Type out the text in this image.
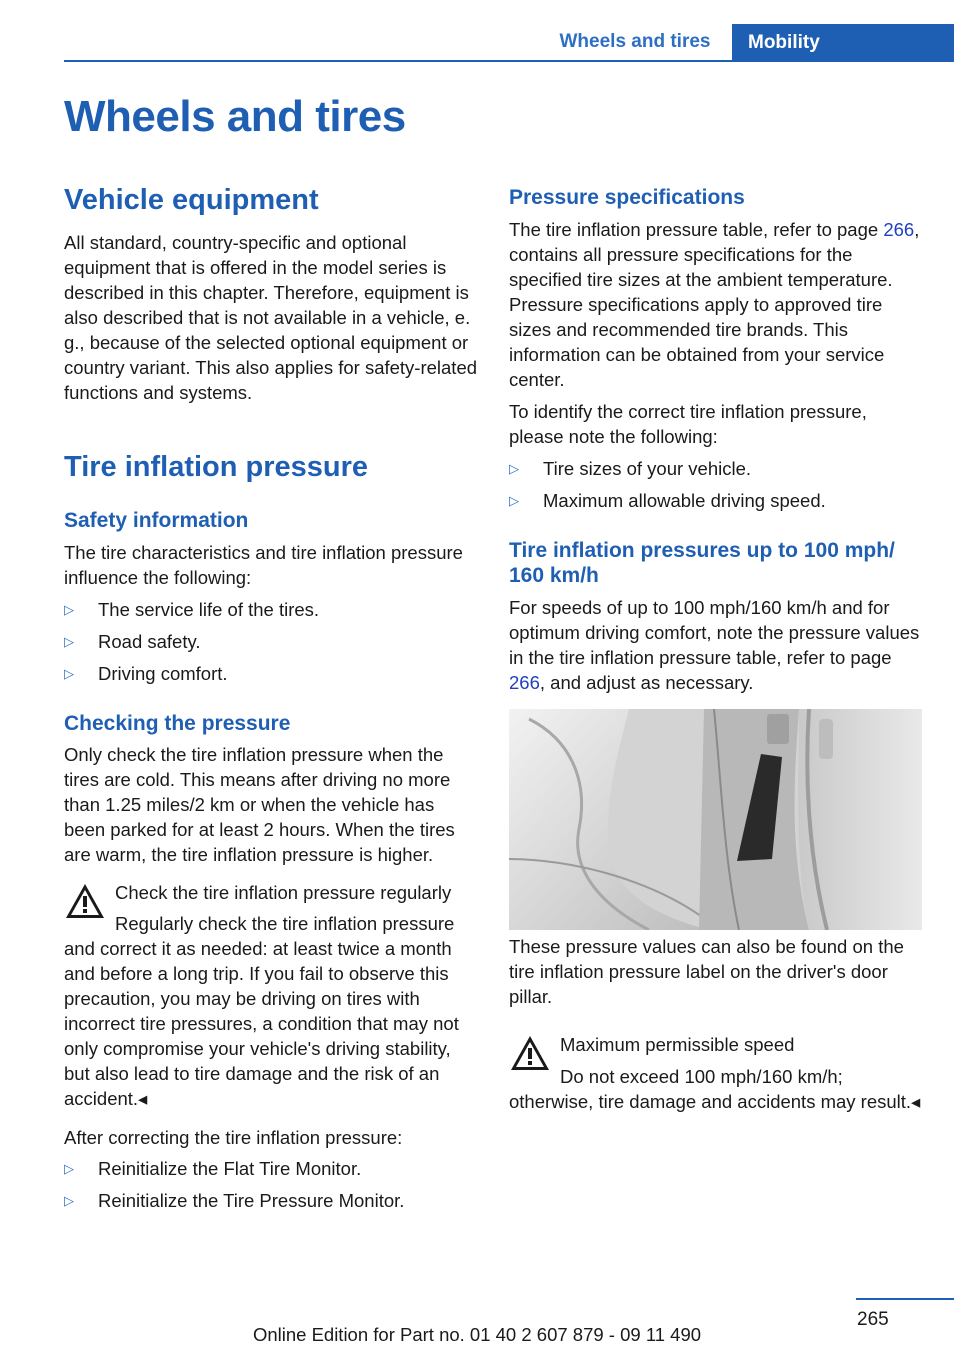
Wheels and tires	Mobility
Wheels and tires
Vehicle equipment

All standard, country-specific and optional equipment that is offered in the model series is described in this chapter. Therefore, equipment is also described that is not available in a vehicle, e. g., because of the selected optional equipment or country variant. This also applies for safety-related functions and systems.

Tire inflation pressure
Safety information

The tire characteristics and tire inflation pressure influence the following:

▷ The service life of the tires.
▷ Road safety.
▷ Driving comfort.
Checking the pressure

Only check the tire inflation pressure when the tires are cold. This means after driving no more than 1.25 miles/2 km or when the vehicle has been parked for at least 2 hours. When the tires are warm, the tire inflation pressure is higher.

Check the tire inflation pressure regularly

Regularly check the tire inflation pressure and correct it as needed: at least twice a month and before a long trip. If you fail to observe this precaution, you may be driving on tires with incorrect tire pressures, a condition that may not only compromise your vehicle's driving stability, but also lead to tire damage and the risk of an accident.◂

After correcting the tire inflation pressure:

▷ Reinitialize the Flat Tire Monitor.
▷ Reinitialize the Tire Pressure Monitor.
Pressure specifications

The tire inflation pressure table, refer to page 266, contains all pressure specifications for the specified tire sizes at the ambient temperature. Pressure specifications apply to approved tire sizes and recommended tire brands. This information can be obtained from your service center.

To identify the correct tire inflation pressure, please note the following:

▷ Tire sizes of your vehicle.
▷ Maximum allowable driving speed.
Tire inflation pressures up to 100 mph/ 160 km/h

For speeds of up to 100 mph/160 km/h and for optimum driving comfort, note the pressure values in the tire inflation pressure table, refer to page 266, and adjust as necessary.

These pressure values can also be found on the tire inflation pressure label on the driver's door pillar.

Maximum permissible speed

Do not exceed 100 mph/160 km/h; otherwise, tire damage and accidents may result.◂

265
Online Edition for Part no. 01 40 2 607 879 - 09 11 490
